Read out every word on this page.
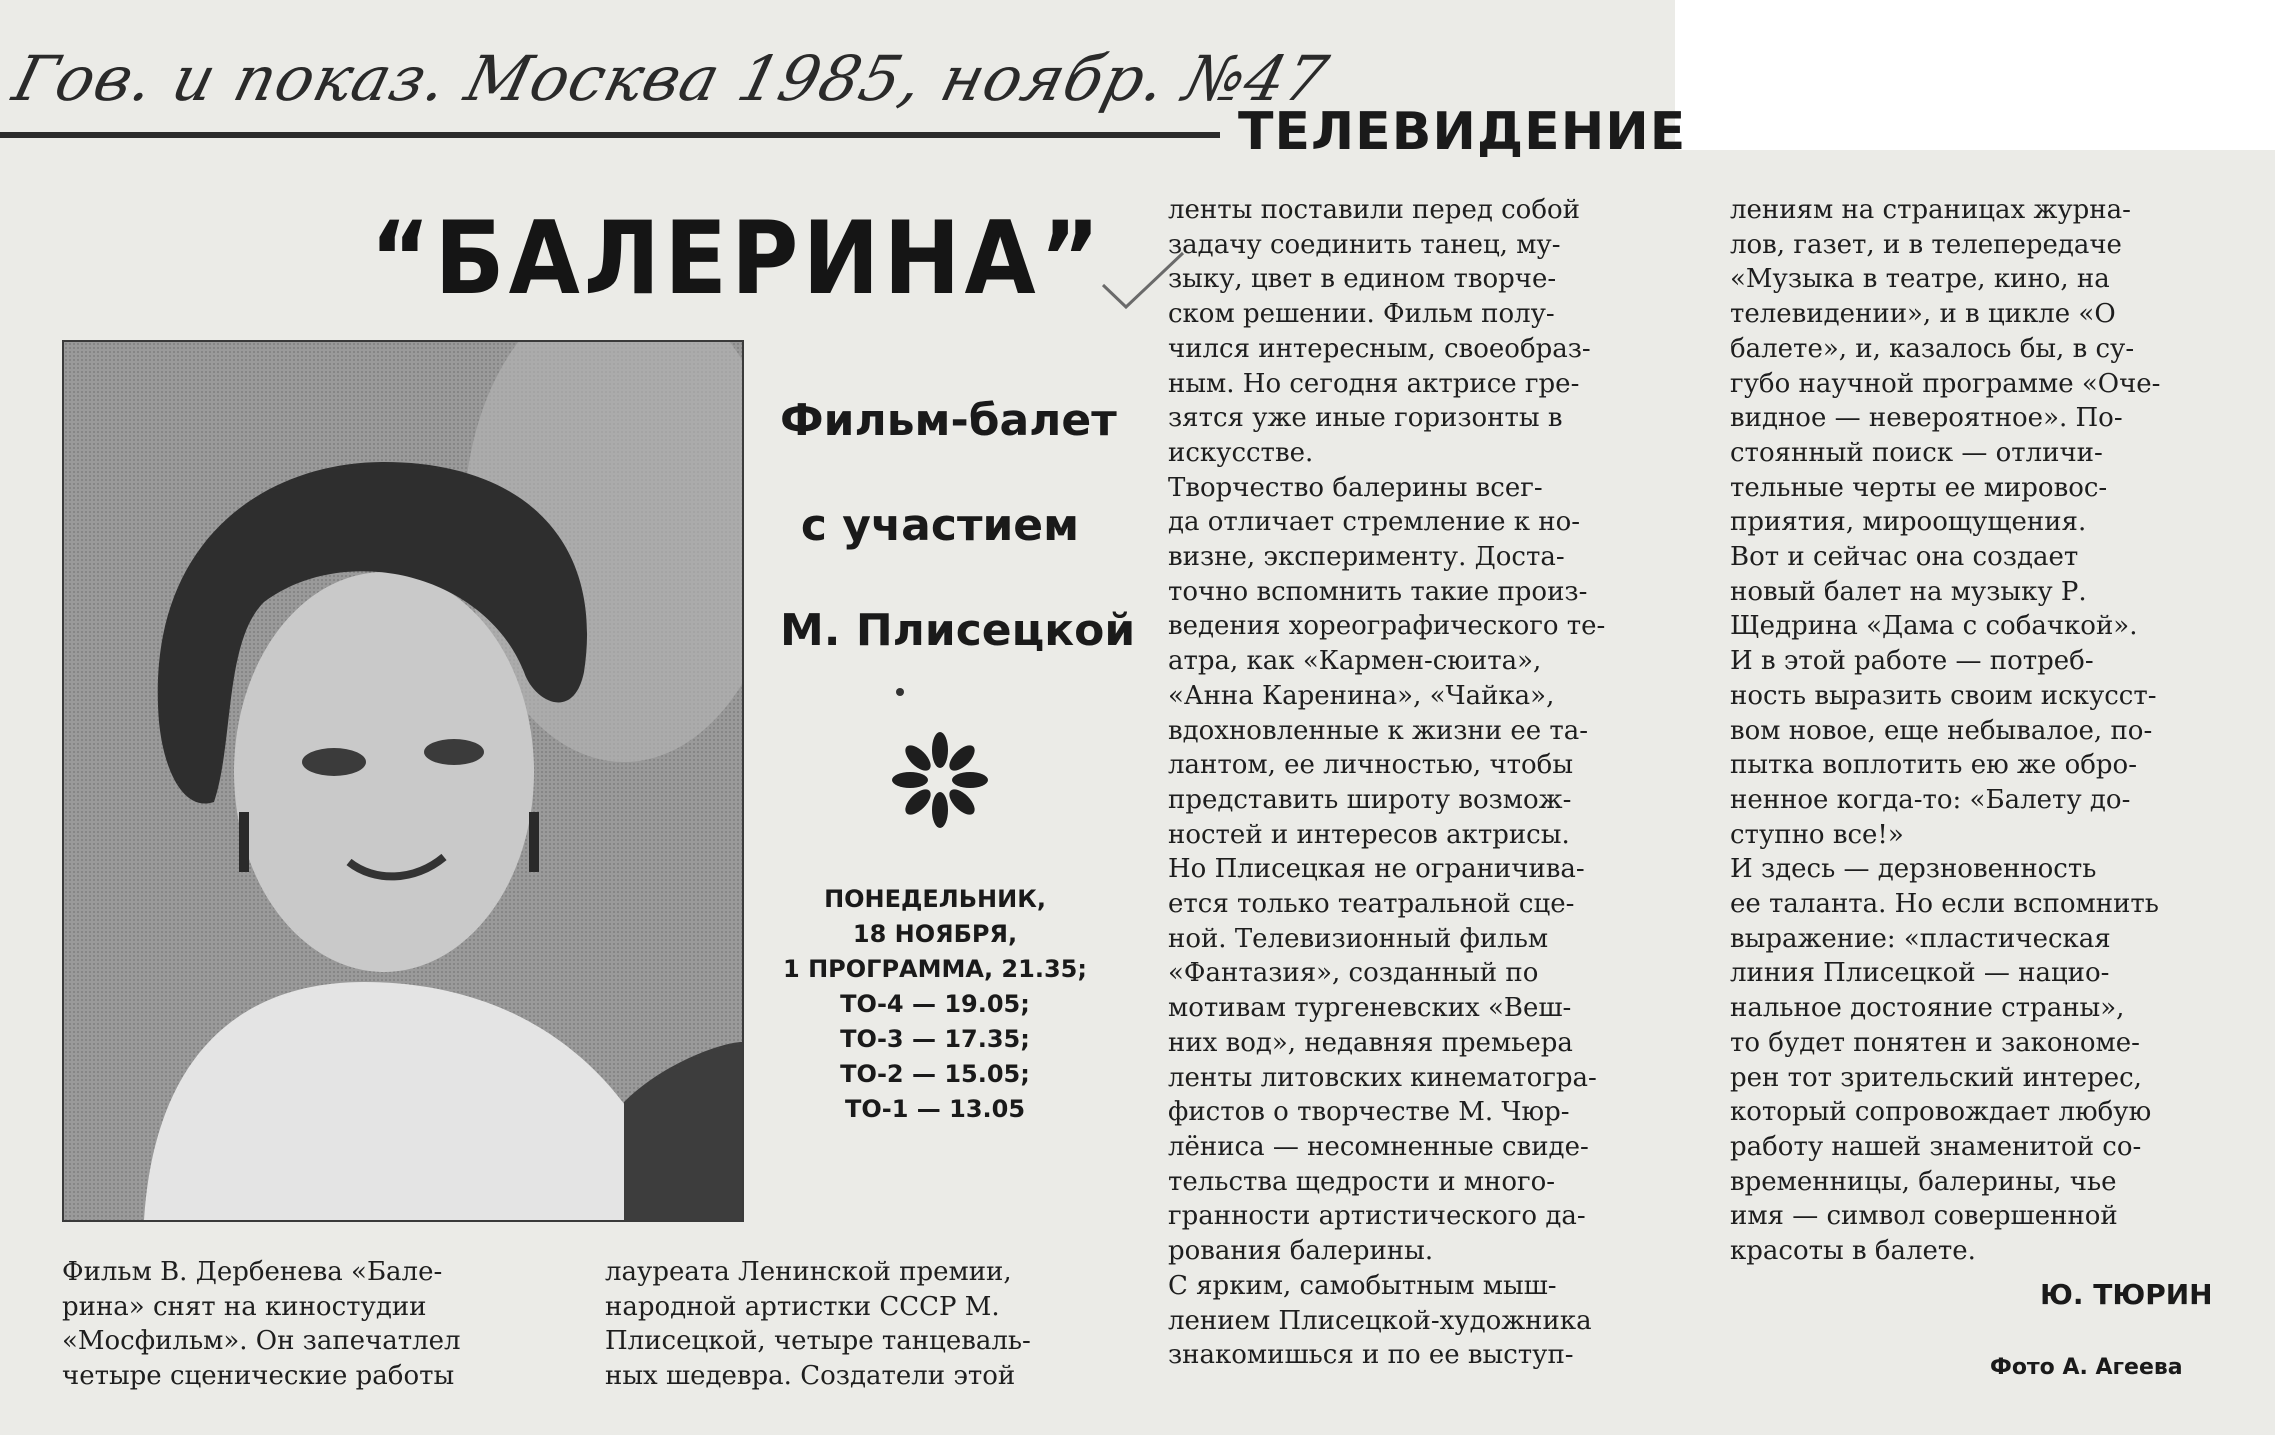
Гов. и показ. Москва 1985, ноябр. №47
ТЕЛЕВИДЕНИЕ
“БАЛЕРИНА”
Фильм-балет
с участием
М. Плисецкой
ПОНЕДЕЛЬНИК,
18 НОЯБРЯ,
1 ПРОГРАММА, 21.35;
ТО-4 — 19.05;
ТО-3 — 17.35;
ТО-2 — 15.05;
ТО-1 — 13.05

Фильм В. Дербенева «Бале-

рина» снят на киностудии

«Мосфильм». Он запечатлел

четыре сценические работы

лауреата Ленинской премии,

народной артистки СССР М.

Плисецкой, четыре танцеваль-

ных шедевра. Создатели этой

ленты поставили перед собой

задачу соединить танец, му-

зыку, цвет в едином творче-

ском решении. Фильм полу-

чился интересным, своеобраз-

ным. Но сегодня актрисе гре-

зятся уже иные горизонты в

искусстве.

Творчество балерины всег-

да отличает стремление к но-

визне, эксперименту. Доста-

точно вспомнить такие произ-

ведения хореографического те-

атра, как «Кармен-сюита»,

«Анна Каренина», «Чайка»,

вдохновленные к жизни ее та-

лантом, ее личностью, чтобы

представить широту возмож-

ностей и интересов актрисы.

Но Плисецкая не ограничива-

ется только театральной сце-

ной. Телевизионный фильм

«Фантазия», созданный по

мотивам тургеневских «Веш-

них вод», недавняя премьера

ленты литовских кинематогра-

фистов о творчестве М. Чюр-

лёниса — несомненные свиде-

тельства щедрости и много-

гранности артистического да-

рования балерины.

С ярким, самобытным мыш-

лением Плисецкой-художника

знакомишься и по ее выступ-

лениям на страницах журна-

лов, газет, и в телепередаче

«Музыка в театре, кино, на

телевидении», и в цикле «О

балете», и, казалось бы, в су-

губо научной программе «Оче-

видное — невероятное». По-

стоянный поиск — отличи-

тельные черты ее мировос-

приятия, мироощущения.

Вот и сейчас она создает

новый балет на музыку Р.

Щедрина «Дама с собачкой».

И в этой работе — потреб-

ность выразить своим искусст-

вом новое, еще небывалое, по-

пытка воплотить ею же обро-

ненное когда-то: «Балету до-

ступно все!»

И здесь — дерзновенность

ее таланта. Но если вспомнить

выражение: «пластическая

линия Плисецкой — нацио-

нальное достояние страны»,

то будет понятен и закономе-

рен тот зрительский интерес,

который сопровождает любую

работу нашей знаменитой со-

временницы, балерины, чье

имя — символ совершенной

красоты в балете.

Ю. ТЮРИН
Фото А. Агеева
